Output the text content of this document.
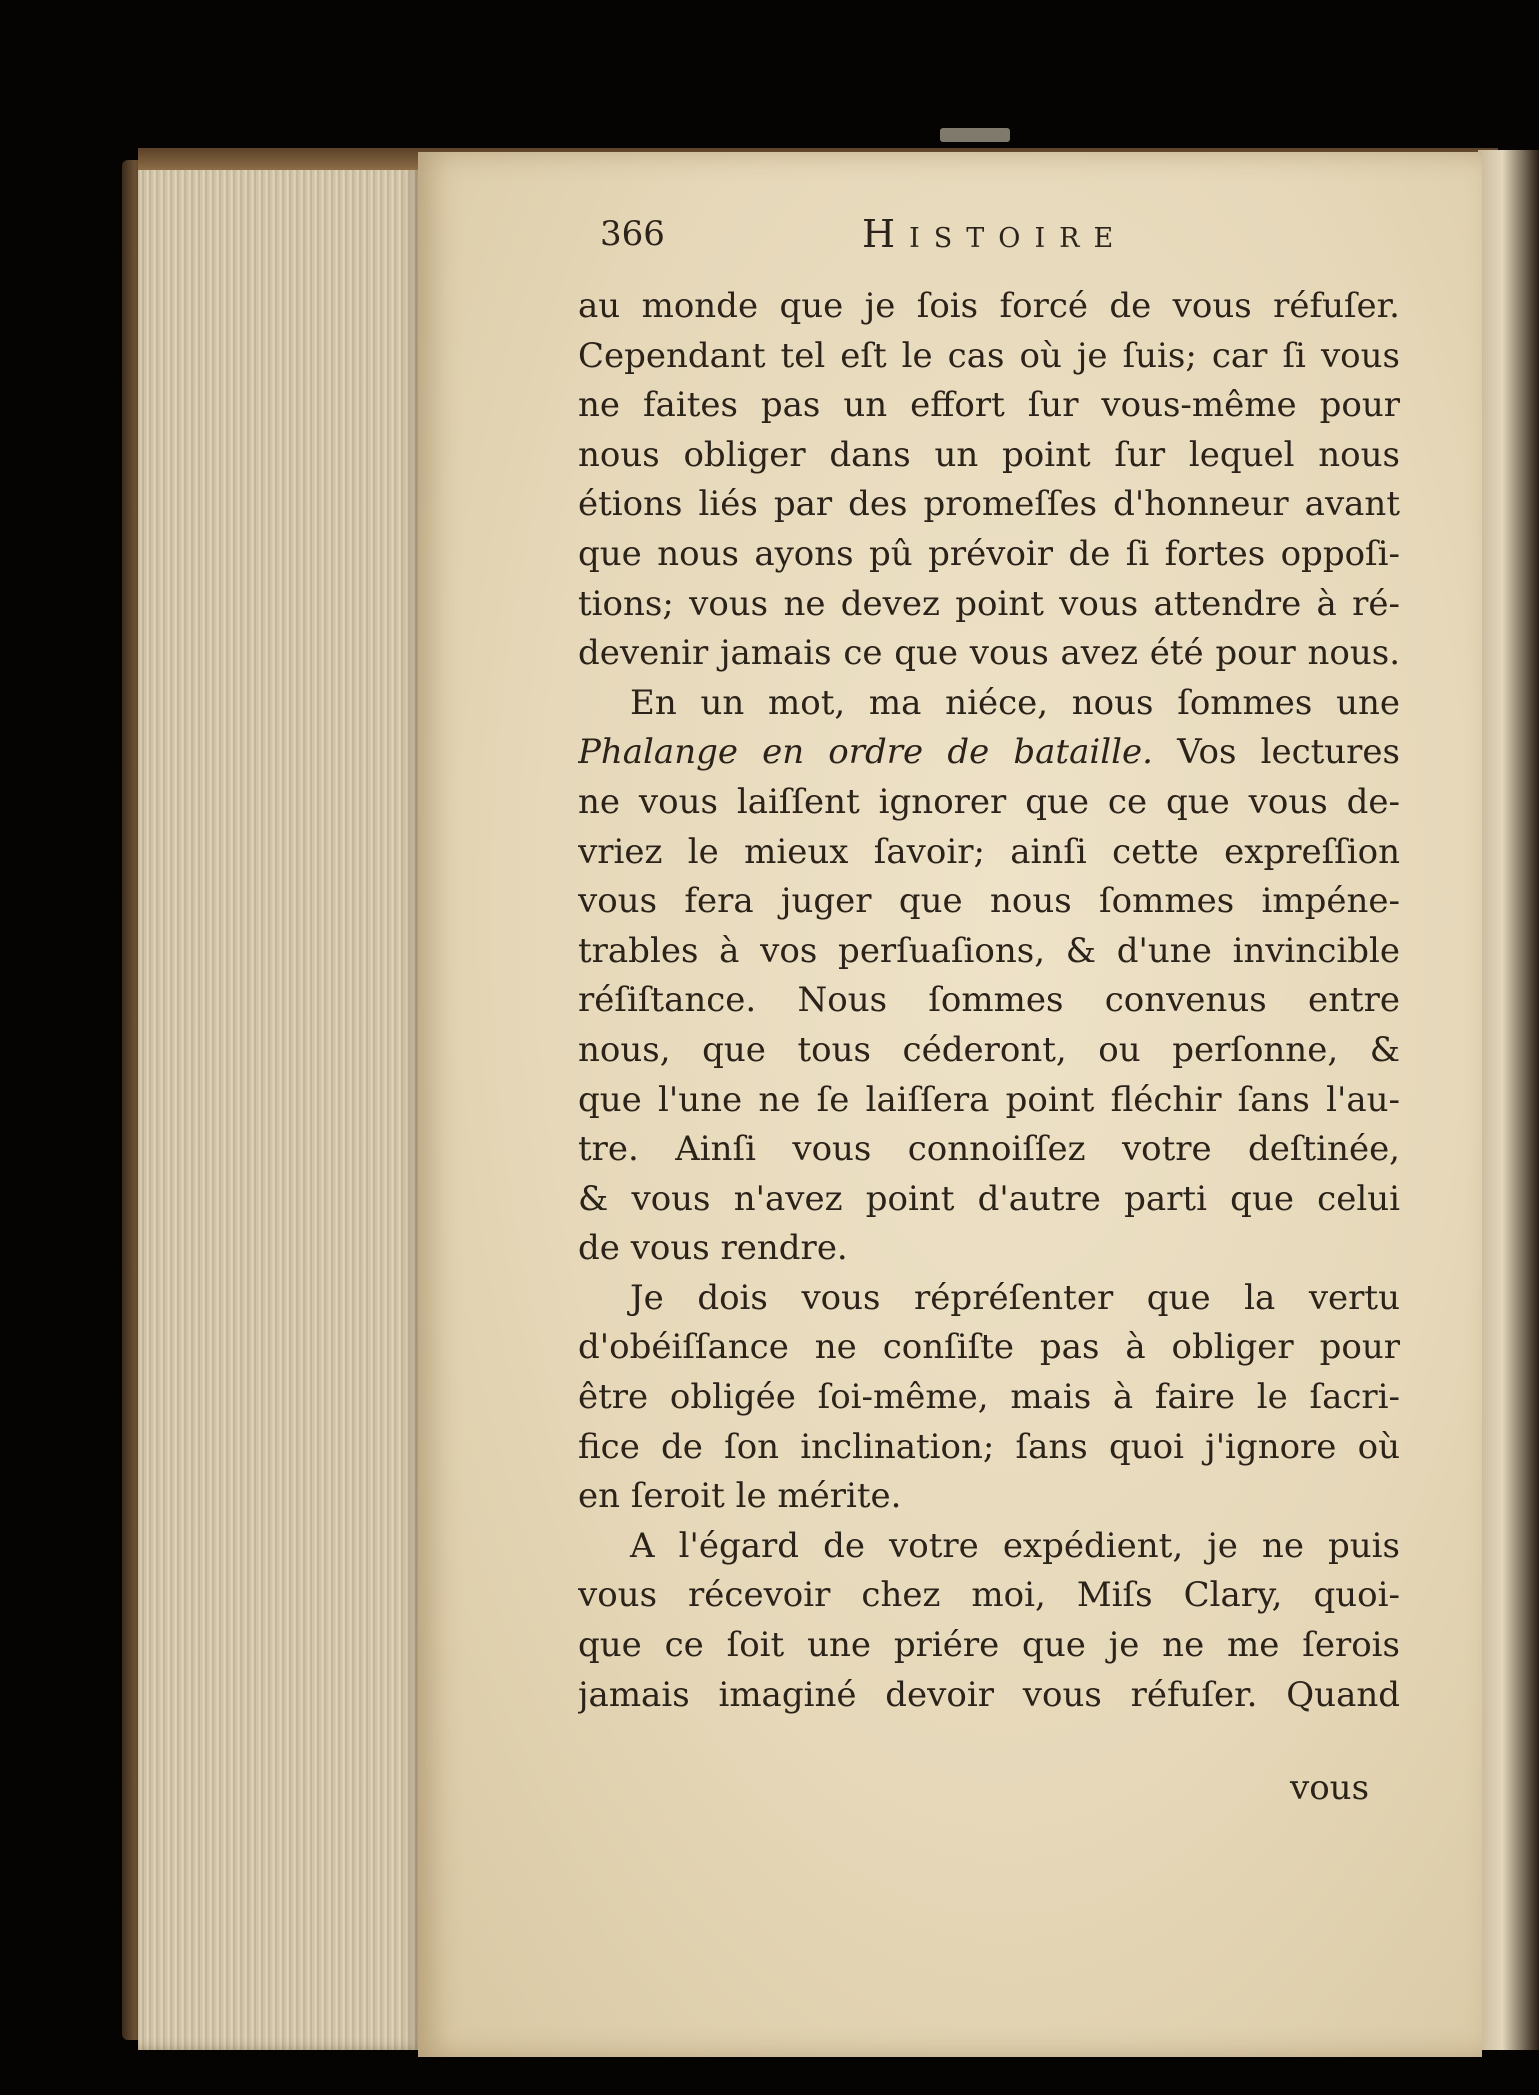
366	Histoire
au monde que je ſois forcé de vous réfuſer.
Cependant tel eſt le cas où je ſuis; car ſi vous
ne faites pas un effort ſur vous-même pour
nous obliger dans un point ſur lequel nous
étions liés par des promeſſes d'honneur avant
que nous ayons pû prévoir de ſi fortes oppoſi-
tions; vous ne devez point vous attendre à ré-
devenir jamais ce que vous avez été pour nous.
En un mot, ma niéce, nous ſommes une
Phalange en ordre de bataille. Vos lectures
ne vous laiſſent ignorer que ce que vous de-
vriez le mieux ſavoir; ainſi cette expreſſion
vous fera juger que nous ſommes impéne-
trables à vos perſuaſions, & d'une invincible
réſiſtance. Nous ſommes convenus entre
nous, que tous céderont, ou perſonne, &
que l'une ne ſe laiſſera point fléchir ſans l'au-
tre. Ainſi vous connoiſſez votre deſtinée,
& vous n'avez point d'autre parti que celui
de vous rendre.
Je dois vous répréſenter que la vertu
d'obéiſſance ne conſiſte pas à obliger pour
être obligée ſoi-même, mais à faire le ſacri-
fice de ſon inclination; ſans quoi j'ignore où
en ſeroit le mérite.
A l'égard de votre expédient, je ne puis
vous récevoir chez moi, Miſs Clary, quoi-
que ce ſoit une priére que je ne me ſerois
jamais imaginé devoir vous réfuſer. Quand
vous
